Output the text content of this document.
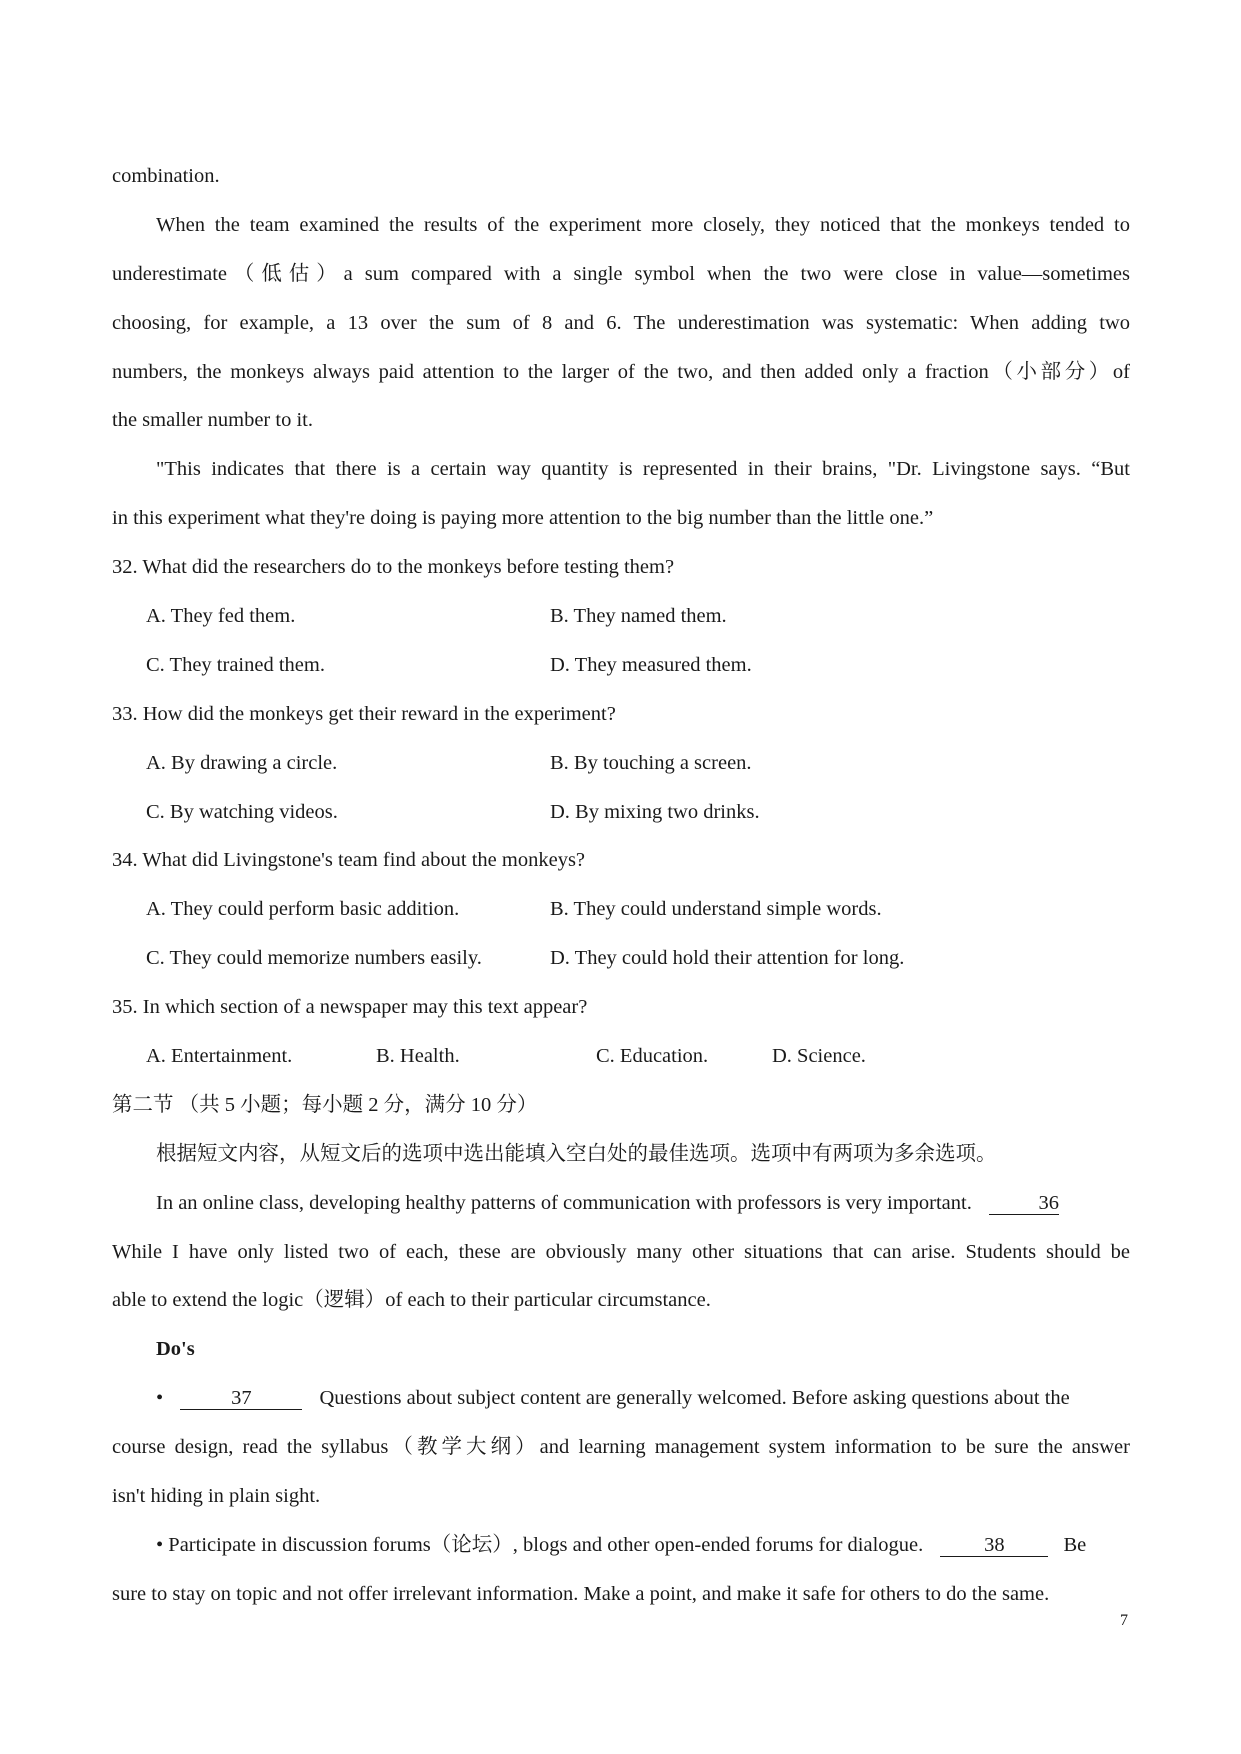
combination.
When the team examined the results of the experiment more closely, they noticed that the monkeys tended to
underestimate（低估）a sum compared with a single symbol when the two were close in value—sometimes
choosing, for example, a 13 over the sum of 8 and 6. The underestimation was systematic: When adding two
numbers, the monkeys always paid attention to the larger of the two, and then added only a fraction（小部分）of
the smaller number to it.
"This indicates that there is a certain way quantity is represented in their brains, "Dr. Livingstone says. “But
in this experiment what they're doing is paying more attention to the big number than the little one.”
32. What did the researchers do to the monkeys before testing them?
A. They fed them.	B. They named them.
C. They trained them.	D. They measured them.
33. How did the monkeys get their reward in the experiment?
A. By drawing a circle.	B. By touching a screen.
C. By watching videos.	D. By mixing two drinks.
34. What did Livingstone's team find about the monkeys?
A. They could perform basic addition.	B. They could understand simple words.
C. They could memorize numbers easily.	D. They could hold their attention for long.
35. In which section of a newspaper may this text appear?
A. Entertainment.	B. Health.	C. Education.	D. Science.
第二节 （共 5 小题；每小题 2 分，满分 10 分）
根据短文内容，从短文后的选项中选出能填入空白处的最佳选项。选项中有两项为多余选项。
In an online class, developing healthy patterns of communication with professors is very important.	36
While I have only listed two of each, these are obviously many other situations that can arise. Students should be
able to extend the logic（逻辑）of each to their particular circumstance.
Do's
•	37	Questions about subject content are generally welcomed. Before asking questions about the
course design, read the syllabus（教学大纲）and learning management system information to be sure the answer
isn't hiding in plain sight.
• Participate in discussion forums（论坛）, blogs and other open-ended forums for dialogue.	38	Be
sure to stay on topic and not offer irrelevant information. Make a point, and make it safe for others to do the same.
7
